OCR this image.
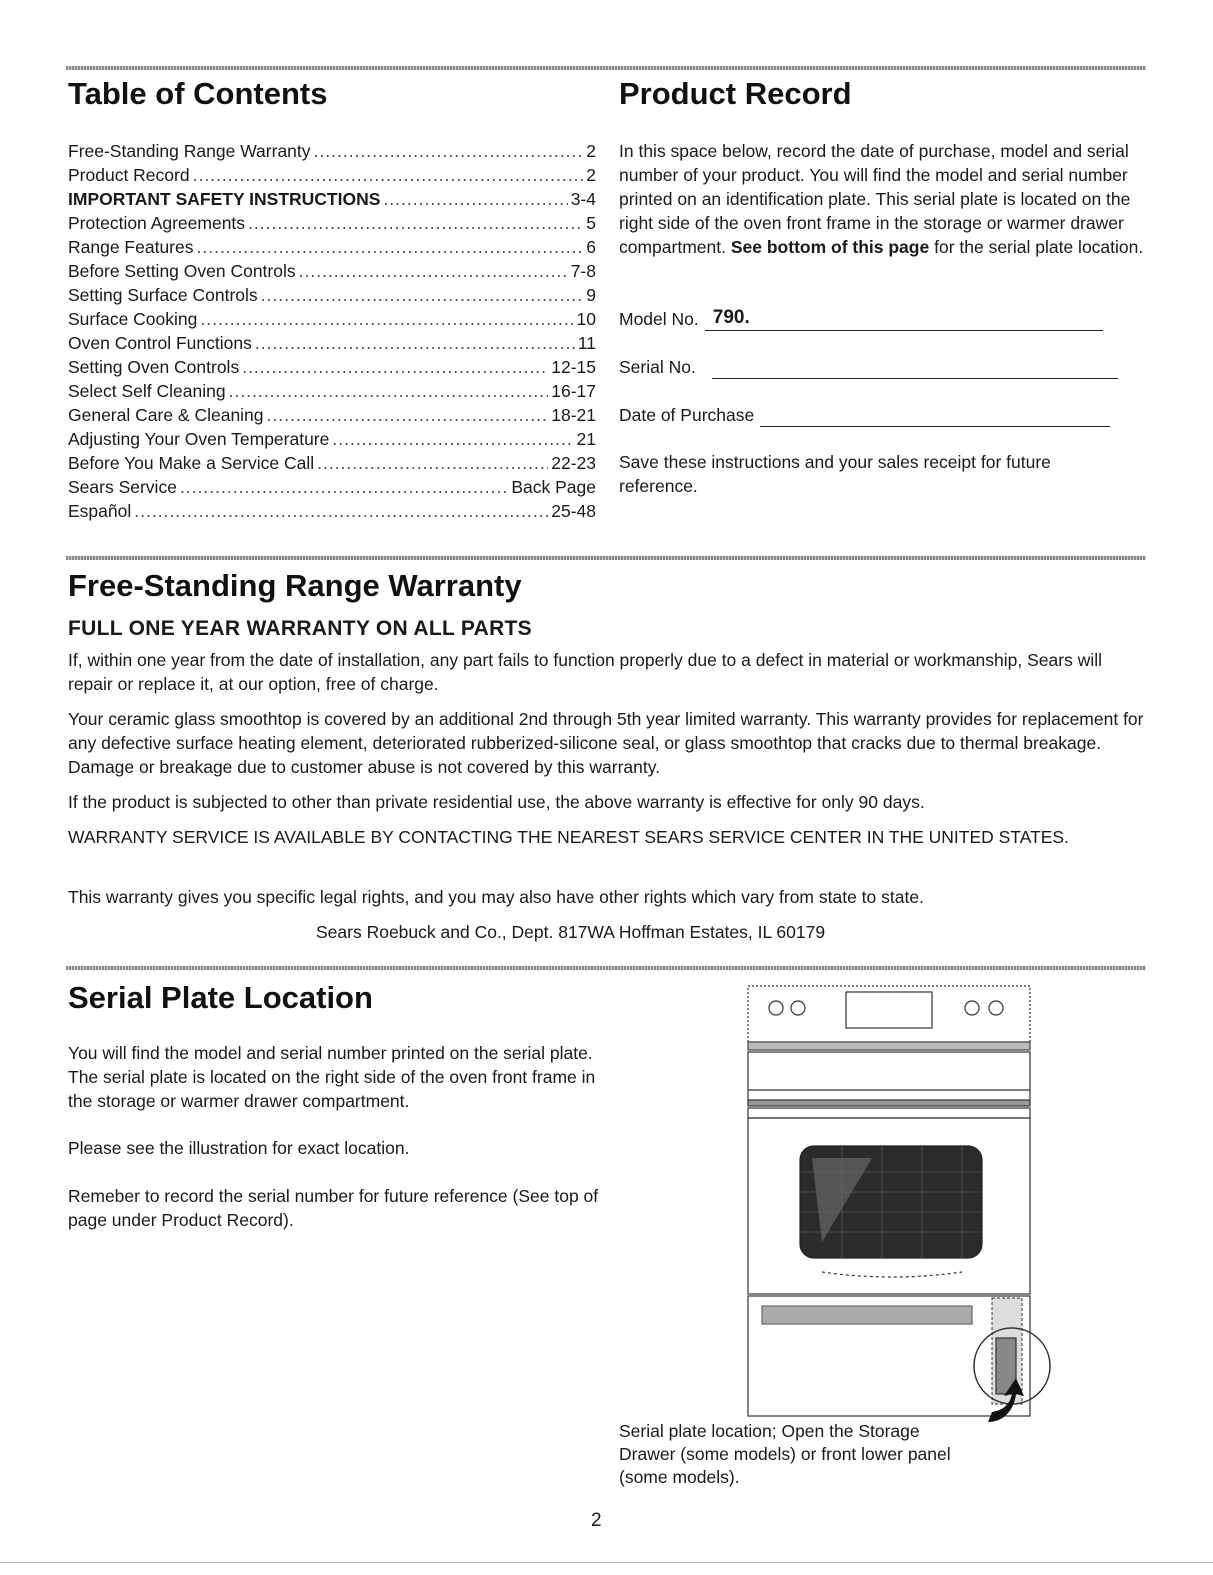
Table of Contents
Free-Standing Range Warranty .....	2
Product Record .....	2
IMPORTANT SAFETY INSTRUCTIONS .....	3-4
Protection Agreements .....	5
Range Features .....	6
Before Setting Oven Controls .....	7-8
Setting Surface Controls .....	9
Surface Cooking .....	10
Oven Control Functions .....	11
Setting Oven Controls .....	12-15
Select Self Cleaning .....	16-17
General Care & Cleaning .....	18-21
Adjusting Your Oven Temperature .....	21
Before You Make a Service Call .....	22-23
Sears Service .....	Back Page
Español .....	25-48
Product Record

In this space below, record the date of purchase, model and serial number of your product. You will find the model and serial number printed on an identification plate. This serial plate is located on the right side of the oven front frame in the storage or warmer drawer compartment. See bottom of this page for the serial plate location.

Model No. 790.
Serial No.
Date of Purchase

Save these instructions and your sales receipt for future reference.

Free-Standing Range Warranty
FULL ONE YEAR WARRANTY ON ALL PARTS

If, within one year from the date of installation, any part fails to function properly due to a defect in material or workmanship, Sears will repair or replace it, at our option, free of charge.

Your ceramic glass smoothtop is covered by an additional 2nd through 5th year limited warranty. This warranty provides for replacement for any defective surface heating element, deteriorated rubberized-silicone seal, or glass smoothtop that cracks due to thermal breakage. Damage or breakage due to customer abuse is not covered by this warranty.

If the product is subjected to other than private residential use, the above warranty is effective for only 90 days.

WARRANTY SERVICE IS AVAILABLE BY CONTACTING THE NEAREST SEARS SERVICE CENTER IN THE UNITED STATES.

This warranty gives you specific legal rights, and you may also have other rights which vary from state to state.

Sears Roebuck and Co., Dept. 817WA Hoffman Estates, IL 60179
Serial Plate Location

You will find the model and serial number printed on the serial plate. The serial plate is located on the right side of the oven front frame in the storage or warmer drawer compartment.

Please see the illustration for exact location.

Remeber to record the serial number for future reference (See top of page under Product Record).

Serial plate location; Open the Storage Drawer (some models) or front lower panel (some models).

2
